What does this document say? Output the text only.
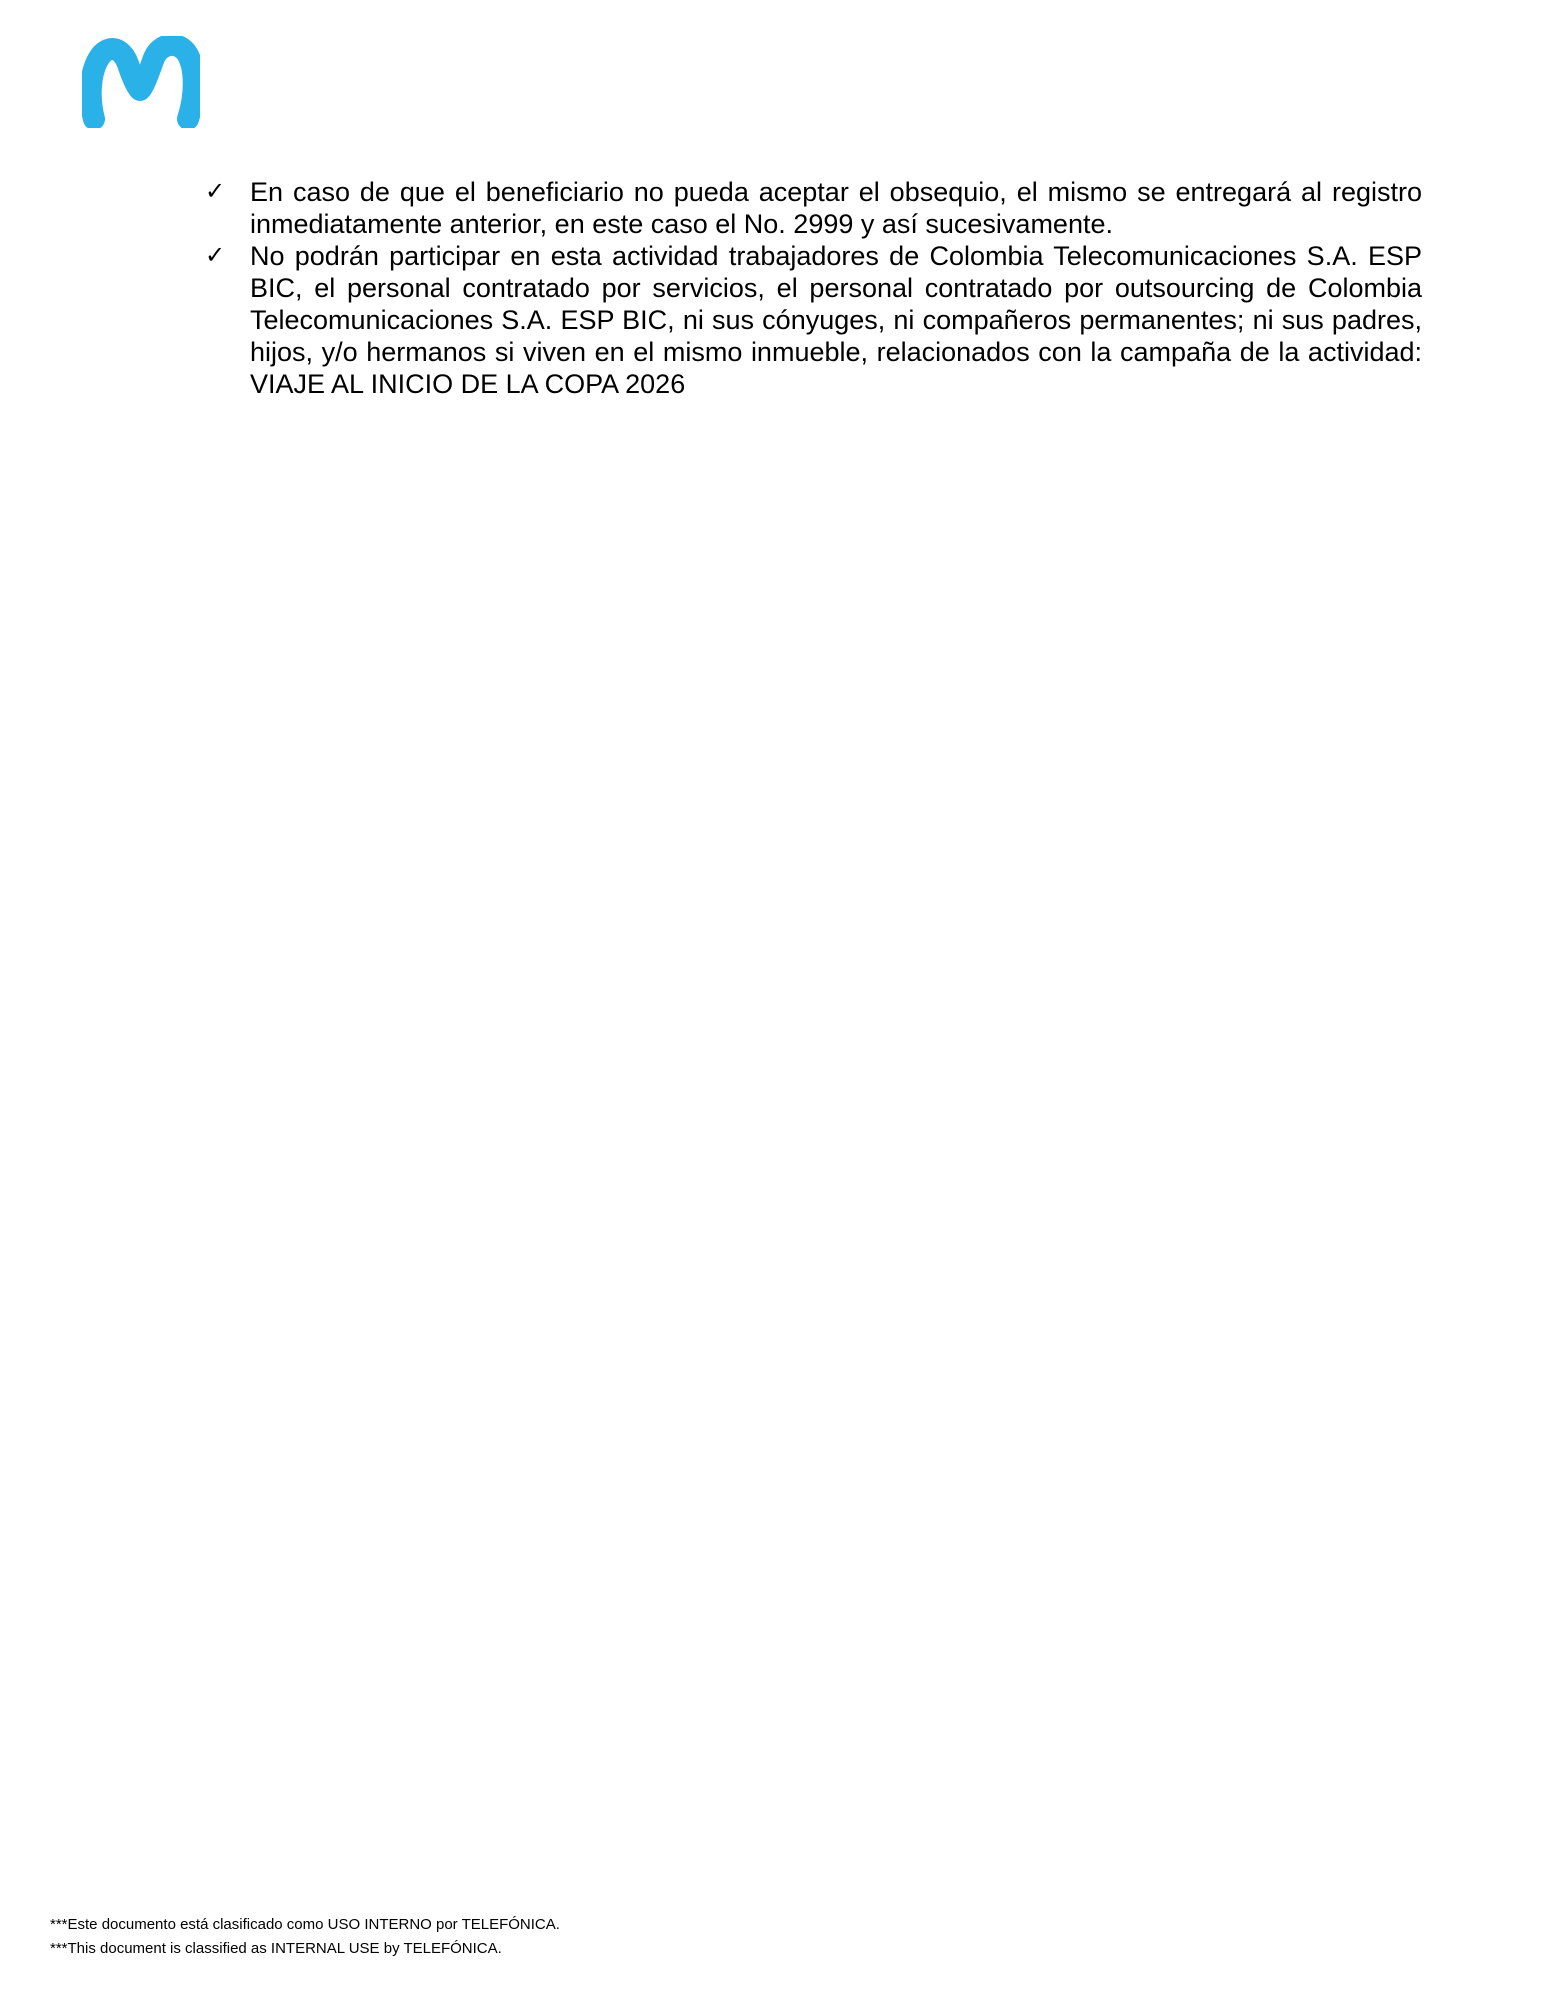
✓ En caso de que el beneficiario no pueda aceptar el obsequio, el mismo se entregará al registro inmediatamente anterior, en este caso el No. 2999 y así sucesivamente.
✓ No podrán participar en esta actividad trabajadores de Colombia Telecomunicaciones S.A. ESP BIC, el personal contratado por servicios, el personal contratado por outsourcing de Colombia Telecomunicaciones S.A. ESP BIC, ni sus cónyuges, ni compañeros permanentes; ni sus padres, hijos, y/o hermanos si viven en el mismo inmueble, relacionados con la campaña de la actividad: VIAJE AL INICIO DE LA COPA 2026
***Este documento está clasificado como USO INTERNO por TELEFÓNICA.
***This document is classified as INTERNAL USE by TELEFÓNICA.
